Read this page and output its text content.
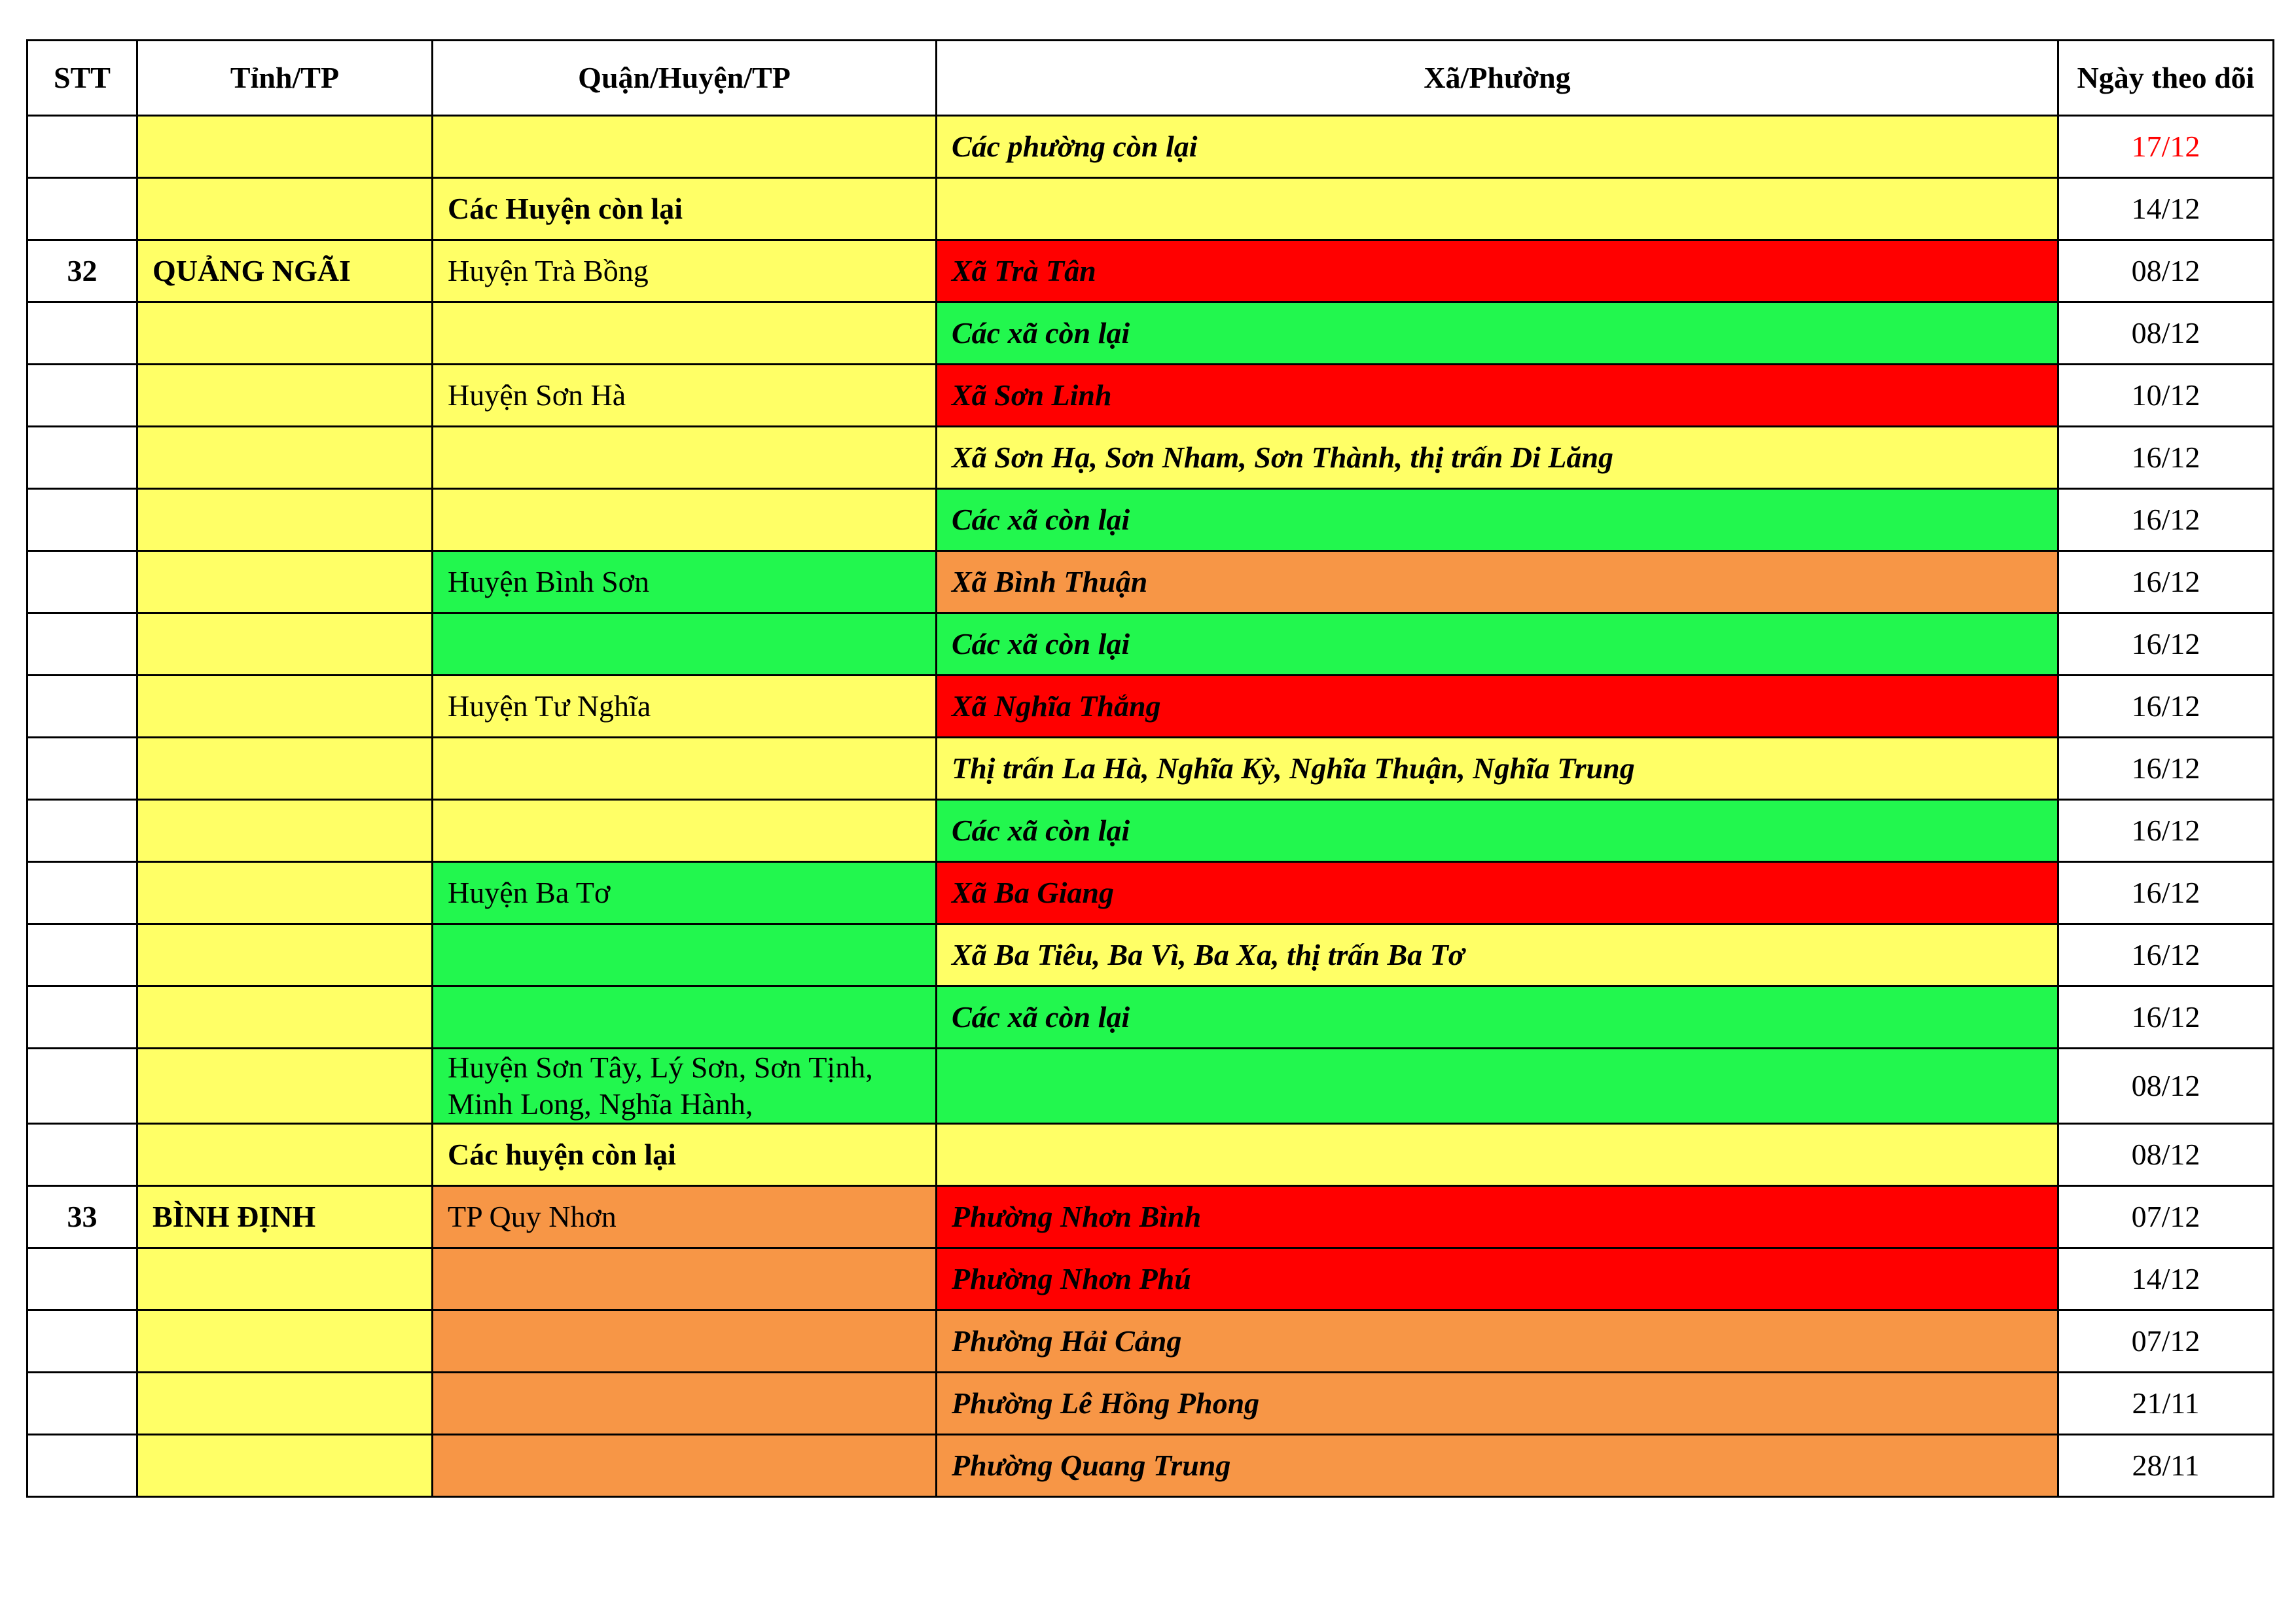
STT	Tỉnh/TP	Quận/Huyện/TP	Xã/Phường	Ngày theo dõi
			Các phường còn lại	17/12
		Các Huyện còn lại		14/12
32	QUẢNG NGÃI	Huyện Trà Bồng	Xã Trà Tân	08/12
			Các xã còn lại	08/12
		Huyện Sơn Hà	Xã Sơn Linh	10/12
			Xã Sơn Hạ, Sơn Nham, Sơn Thành, thị trấn Di Lăng	16/12
			Các xã còn lại	16/12
		Huyện Bình Sơn	Xã Bình Thuận	16/12
			Các xã còn lại	16/12
		Huyện Tư Nghĩa	Xã Nghĩa Thắng	16/12
			Thị trấn La Hà, Nghĩa Kỳ, Nghĩa Thuận, Nghĩa Trung	16/12
			Các xã còn lại	16/12
		Huyện Ba Tơ	Xã Ba Giang	16/12
			Xã Ba Tiêu, Ba Vì, Ba Xa, thị trấn Ba Tơ	16/12
			Các xã còn lại	16/12
		Huyện Sơn Tây, Lý Sơn, Sơn Tịnh, Minh Long, Nghĩa Hành,		08/12
		Các huyện còn lại		08/12
33	BÌNH ĐỊNH	TP Quy Nhơn	Phường Nhơn Bình	07/12
			Phường Nhơn Phú	14/12
			Phường Hải Cảng	07/12
			Phường Lê Hồng Phong	21/11
			Phường Quang Trung	28/11
